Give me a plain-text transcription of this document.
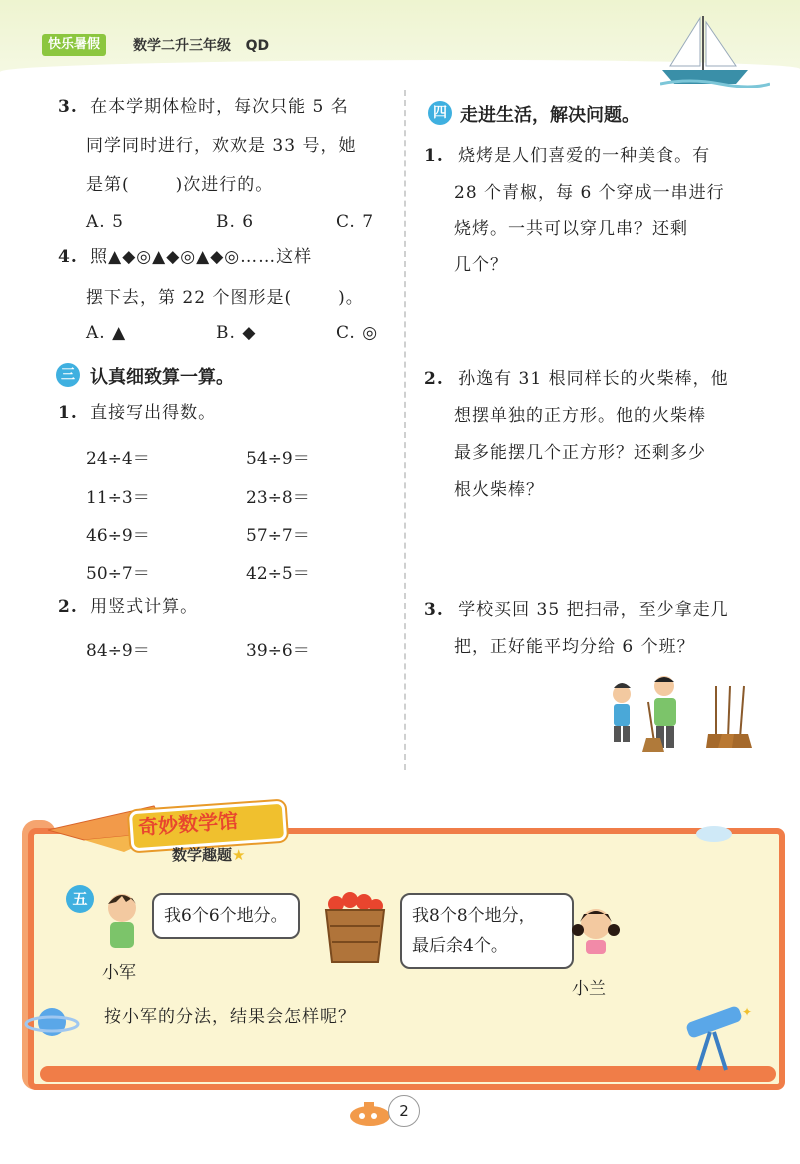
快乐暑假	数学二升三年级   QD
3. 在本学期体检时，每次只能 5 名
同学同时进行，欢欢是 33 号，她
是第(	)次进行的。
A. 5	B. 6	C. 7
4. 照▲◆◎▲◆◎▲◆◎……这样
摆下去，第 22 个图形是(	)。
A. ▲	B. ◆	C. ◎
三 认真细致算一算。
1. 直接写出得数。
24÷4＝	54÷9＝
11÷3＝	23÷8＝
46÷9＝	57÷7＝
50÷7＝	42÷5＝
2. 用竖式计算。
84÷9＝	39÷6＝
四 走进生活，解决问题。
1. 烧烤是人们喜爱的一种美食。有
28 个青椒，每 6 个穿成一串进行
烧烤。一共可以穿几串？还剩
几个？
2. 孙逸有 31 根同样长的火柴棒，他
想摆单独的正方形。他的火柴棒
最多能摆几个正方形？还剩多少
根火柴棒？
3. 学校买回 35 把扫帚，至少拿走几
把，正好能平均分给 6 个班？
奇妙数学馆
数学趣题★
五
小军
我6个6个地分。	我8个8个地分，
最后余4个。
小兰
按小军的分法，结果会怎样呢？	✦
2
